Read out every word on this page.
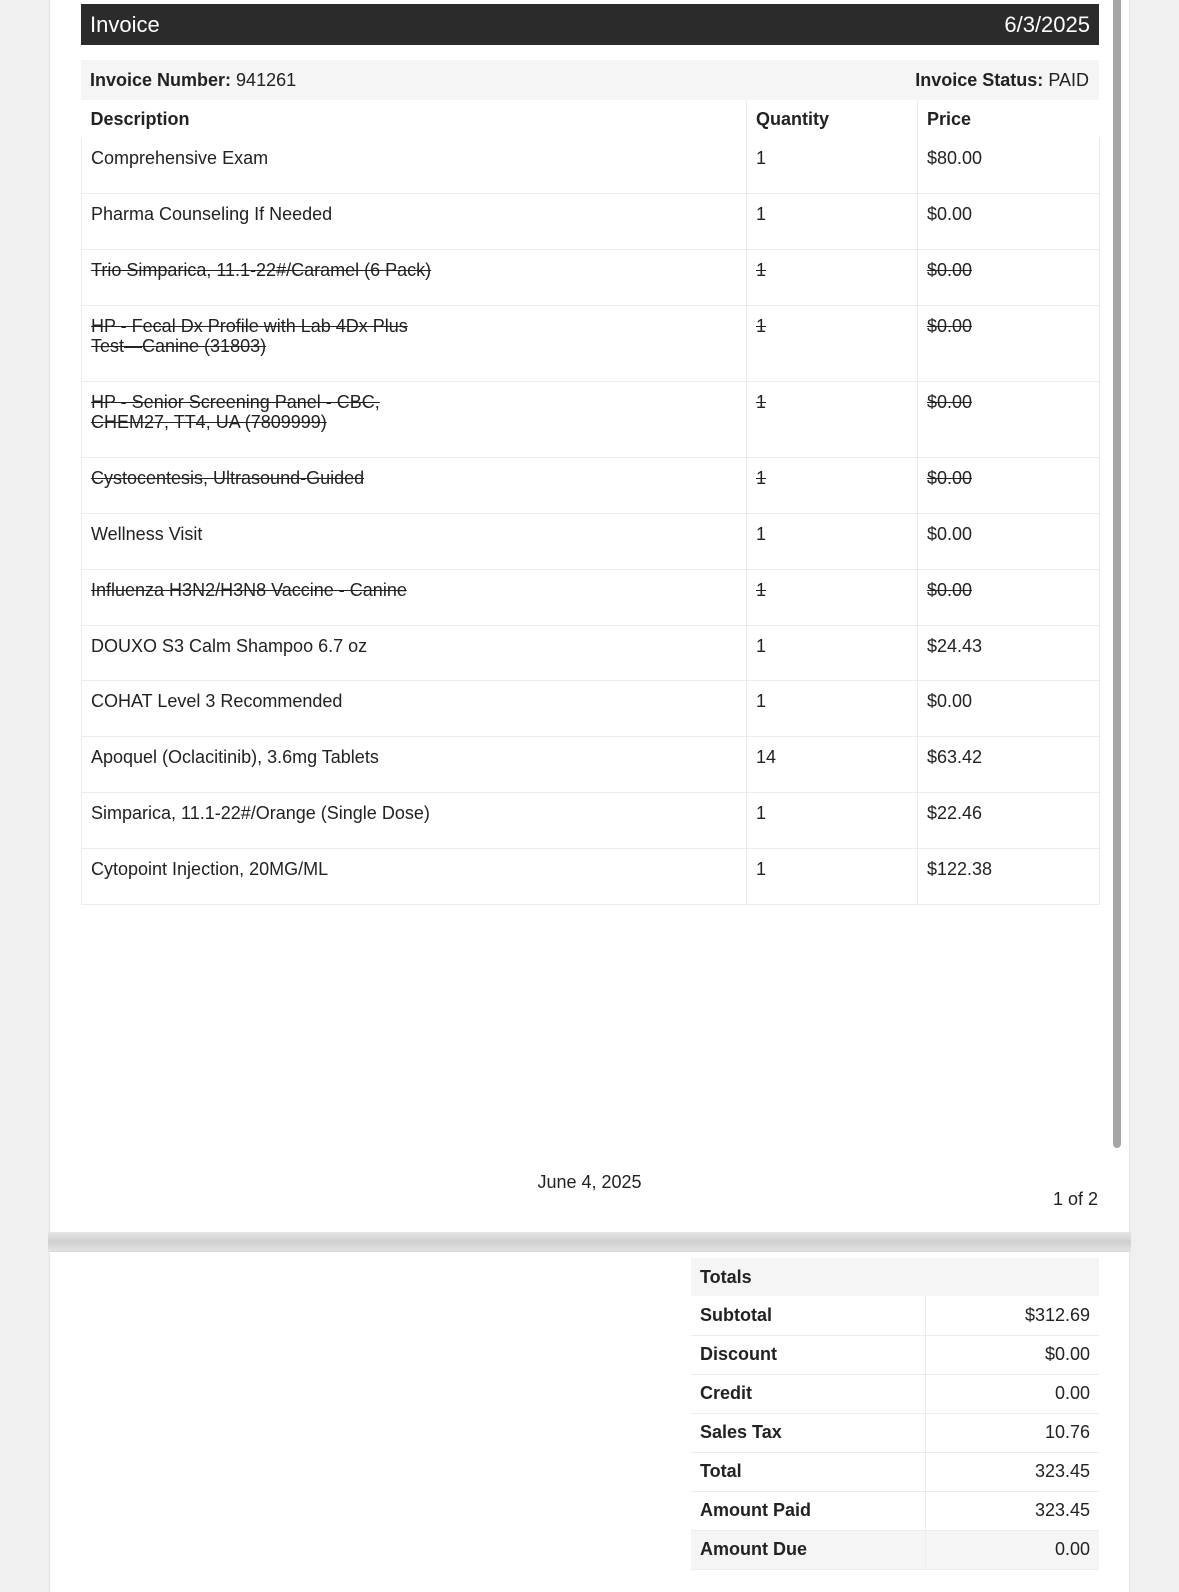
Invoice	6/3/2025
Invoice Number: 941261	Invoice Status: PAID
Description	Quantity	Price
Comprehensive Exam	1	$80.00
Pharma Counseling If Needed	1	$0.00
Trio Simparica, 11.1-22#/Caramel (6 Pack)	1	$0.00
HP - Fecal Dx Profile with Lab 4Dx Plus
Test—Canine (31803)	1	$0.00
HP - Senior Screening Panel - CBC,
CHEM27, TT4, UA (7809999)	1	$0.00
Cystocentesis, Ultrasound-Guided	1	$0.00
Wellness Visit	1	$0.00
Influenza H3N2/H3N8 Vaccine - Canine	1	$0.00
DOUXO S3 Calm Shampoo 6.7 oz	1	$24.43
COHAT Level 3 Recommended	1	$0.00
Apoquel (Oclacitinib), 3.6mg Tablets	14	$63.42
Simparica, 11.1-22#/Orange (Single Dose)	1	$22.46
Cytopoint Injection, 20MG/ML	1	$122.38
June 4, 2025
1 of 2
Totals	
Subtotal	$312.69
Discount	$0.00
Credit	0.00
Sales Tax	10.76
Total	323.45
Amount Paid	323.45
Amount Due	0.00
